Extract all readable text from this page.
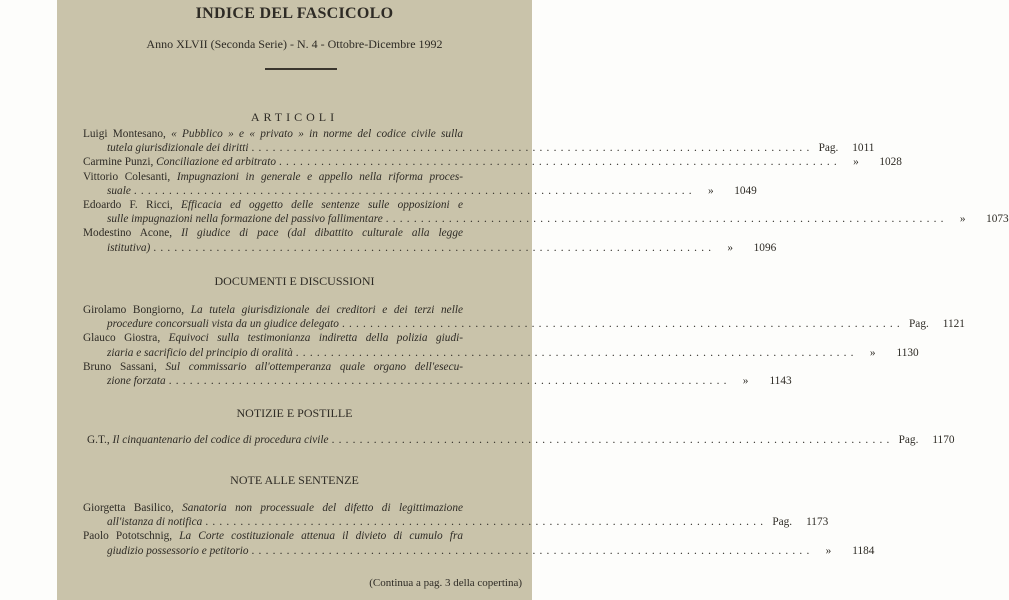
INDICE DEL FASCICOLO
Anno XLVII (Seconda Serie) - N. 4 - Ottobre-Dicembre 1992
ARTICOLI
Luigi Montesano, « Pubblico » e « privato » in norme del codice civile sulla
tutela giurisdizionale dei diritti ................................................................................ Pag.	1011
Carmine Punzi, Conciliazione ed arbitrato ................................................................................	»	1028
Vittorio Colesanti, Impugnazioni in generale e appello nella riforma proces-
suale ................................................................................	»	1049
Edoardo F. Ricci, Efficacia ed oggetto delle sentenze sulle opposizioni e
sulle impugnazioni nella formazione del passivo fallimentare ................................................................................	»	1073
Modestino Acone, Il giudice di pace (dal dibattito culturale alla legge
istitutiva) ................................................................................	»	1096
DOCUMENTI E DISCUSSIONI
Girolamo Bongiorno, La tutela giurisdizionale dei creditori e dei terzi nelle
procedure concorsuali vista da un giudice delegato ................................................................................ Pag.	1121
Glauco Giostra, Equivoci sulla testimonianza indiretta della polizia giudi-
ziaria e sacrificio del principio di oralità ................................................................................	»	1130
Bruno Sassani, Sul commissario all'ottemperanza quale organo dell'esecu-
zione forzata ................................................................................	»	1143
NOTIZIE E POSTILLE
G.T., Il cinquantenario del codice di procedura civile ................................................................................ Pag.	1170
NOTE ALLE SENTENZE
Giorgetta Basilico, Sanatoria non processuale del difetto di legittimazione
all'istanza di notifica ................................................................................ Pag.	1173
Paolo Pototschnig, La Corte costituzionale attenua il divieto di cumulo fra
giudizio possessorio e petitorio ................................................................................	»	1184
(Continua a pag. 3 della copertina)
